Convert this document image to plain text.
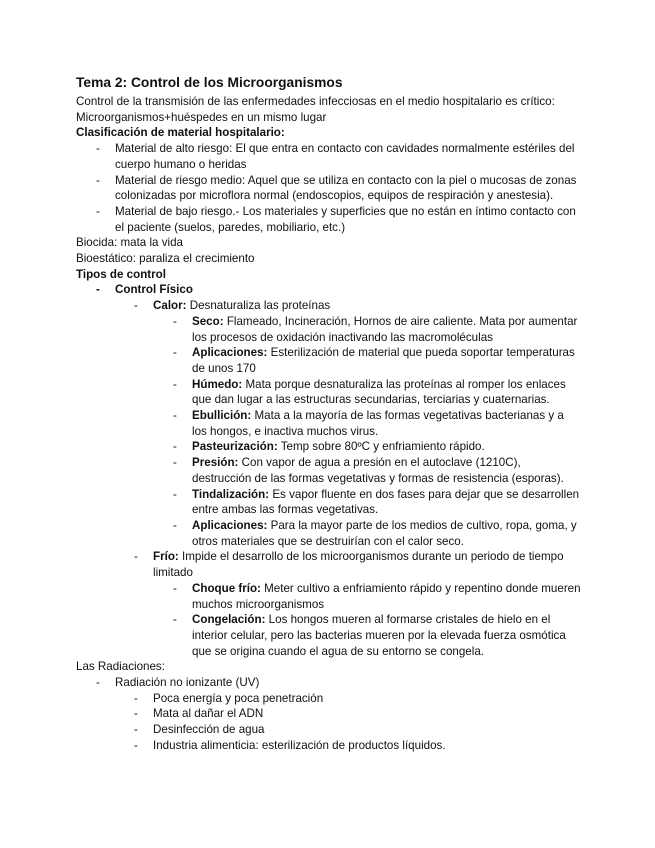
Tema 2: Control de los Microorganismos

Control de la transmisión de las enfermedades infecciosas en el medio hospitalario es crítico:

Microorganismos+huéspedes en un mismo lugar

Clasificación de material hospitalario:

- Material de alto riesgo: El que entra en contacto con cavidades normalmente estériles del cuerpo humano o heridas
- Material de riesgo medio: Aquel que se utiliza en contacto con la piel o mucosas de zonas colonizadas por microflora normal (endoscopios, equipos de respiración y anestesia).
- Material de bajo riesgo.- Los materiales y superficies que no están en íntimo contacto con el paciente (suelos, paredes, mobiliario, etc.)

Biocida: mata la vida

Bioestático: paraliza el crecimiento

Tipos de control

- Control Físico
- Calor: Desnaturaliza las proteínas
- Seco: Flameado, Incineración, Hornos de aire caliente. Mata por aumentar los procesos de oxidación inactivando las macromoléculas
- Aplicaciones: Esterilización de material que pueda soportar temperaturas de unos 170
- Húmedo: Mata porque desnaturaliza las proteínas al romper los enlaces que dan lugar a las estructuras secundarias, terciarias y cuaternarias.
- Ebullición: Mata a la mayoría de las formas vegetativas bacterianas y a los hongos, e inactiva muchos virus.
- Pasteurización: Temp sobre 80ºC y enfriamiento rápido.
- Presión: Con vapor de agua a presión en el autoclave (1210C), destrucción de las formas vegetativas y formas de resistencia (esporas).
- Tindalización: Es vapor fluente en dos fases para dejar que se desarrollen entre ambas las formas vegetativas.
- Aplicaciones: Para la mayor parte de los medios de cultivo, ropa, goma, y otros materiales que se destruirían con el calor seco.
- Frío: Impide el desarrollo de los microorganismos durante un periodo de tiempo limitado
- Choque frío: Meter cultivo a enfriamiento rápido y repentino donde mueren muchos microorganismos
- Congelación: Los hongos mueren al formarse cristales de hielo en el interior celular, pero las bacterias mueren por la elevada fuerza osmótica que se origina cuando el agua de su entorno se congela.

Las Radiaciones:

- Radiación no ionizante (UV)
- Poca energía y poca penetración
- Mata al dañar el ADN
- Desinfección de agua
- Industria alimenticia: esterilización de productos líquidos.
